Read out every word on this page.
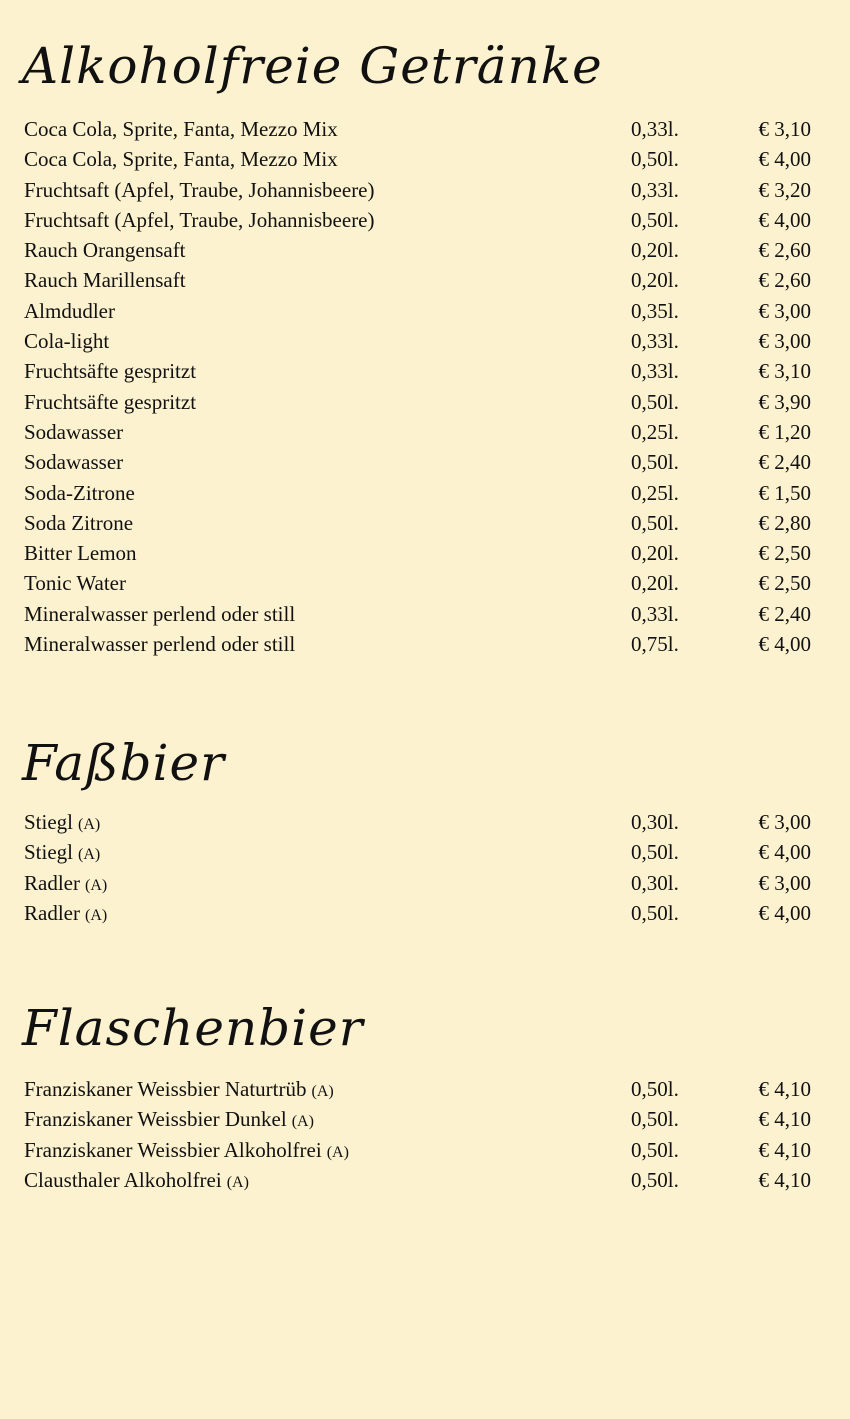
Alkoholfreie Getränke
Coca Cola, Sprite, Fanta, Mezzo Mix	0,33l.	€ 3,10
Coca Cola, Sprite, Fanta, Mezzo Mix	0,50l.	€ 4,00
Fruchtsaft (Apfel, Traube, Johannisbeere)	0,33l.	€ 3,20
Fruchtsaft (Apfel, Traube, Johannisbeere)	0,50l.	€ 4,00
Rauch Orangensaft	0,20l.	€ 2,60
Rauch Marillensaft	0,20l.	€ 2,60
Almdudler	0,35l.	€ 3,00
Cola-light	0,33l.	€ 3,00
Fruchtsäfte gespritzt	0,33l.	€ 3,10
Fruchtsäfte gespritzt	0,50l.	€ 3,90
Sodawasser	0,25l.	€ 1,20
Sodawasser	0,50l.	€ 2,40
Soda-Zitrone	0,25l.	€ 1,50
Soda Zitrone	0,50l.	€ 2,80
Bitter Lemon	0,20l.	€ 2,50
Tonic Water	0,20l.	€ 2,50
Mineralwasser perlend oder still	0,33l.	€ 2,40
Mineralwasser perlend oder still	0,75l.	€ 4,00
Faßbier
Stiegl (A)	0,30l.	€ 3,00
Stiegl (A)	0,50l.	€ 4,00
Radler (A)	0,30l.	€ 3,00
Radler (A)	0,50l.	€ 4,00
Flaschenbier
Franziskaner Weissbier Naturtrüb (A)	0,50l.	€ 4,10
Franziskaner Weissbier Dunkel (A)	0,50l.	€ 4,10
Franziskaner Weissbier Alkoholfrei (A)	0,50l.	€ 4,10
Clausthaler Alkoholfrei (A)	0,50l.	€ 4,10
